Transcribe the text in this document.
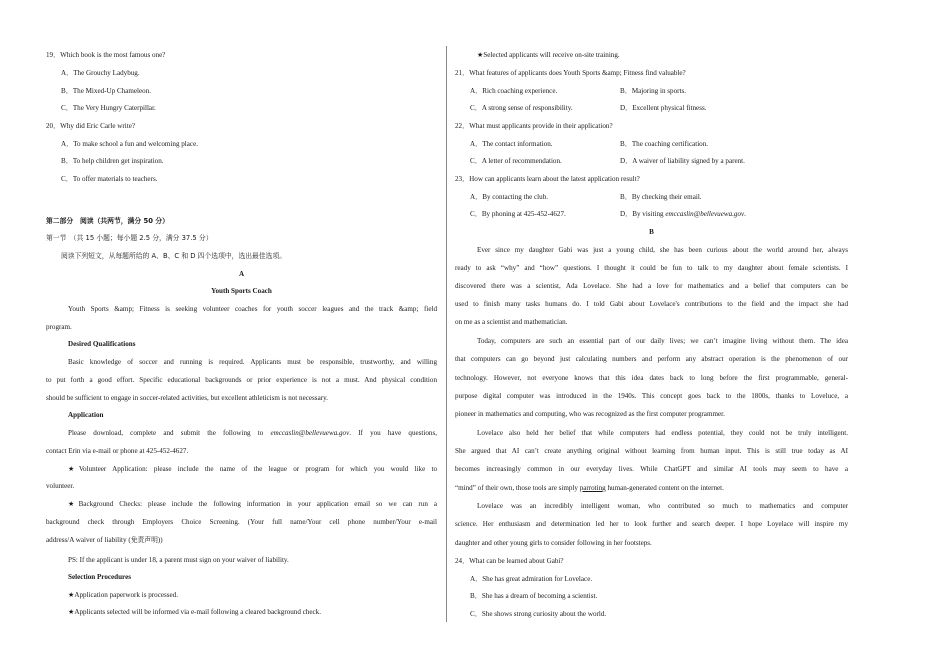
19．Which book is the most famous one?
A．The Grouchy Ladybug.
B．The Mixed-Up Chameleon.
C．The Very Hungry Caterpillar.
20．Why did Eric Carle write?
A．To make school a fun and welcoming place.
B．To help children get inspiration.
C．To offer materials to teachers.
第二部分　阅读（共两节，满分 50 分）
第一节　（共 15 小题；每小题 2.5 分，满分 37.5 分）
阅读下列短文，从每题所给的 A、B、C 和 D 四个选项中，选出最佳选项。
A
Youth Sports Coach
Youth Sports &amp; Fitness is seeking volunteer coaches for youth soccer leagues and the track &amp; field
program.
Desired Qualifications
Basic knowledge of soccer and running is required. Applicants must be responsible, trustworthy, and willing
to put forth a good effort. Specific educational backgrounds or prior experience is not a must. And physical condition
should be sufficient to engage in soccer-related activities, but excellent athleticism is not necessary.
Application
Please download, complete and submit the following to emccaslin@bellevuewa.gov. If you have questions,
contact Erin via e-mail or phone at 425-452-4627.
★Volunteer Application: please include the name of the league or program for which you would like to
volunteer.
★Background Checks: please include the following information in your application email so we can run a
background check through Employers Choice Screening. (Your full name/Your cell phone number/Your e-mail
address/A waiver of liability (免责声明))
PS: If the applicant is under 18, a parent must sign on your waiver of liability.
Selection Procedures
★Application paperwork is processed.
★Applicants selected will be informed via e-mail following a cleared background check.
★Selected applicants will receive on-site training.
21．What features of applicants does Youth Sports &amp; Fitness find valuable?
A．Rich coaching experience.	B．Majoring in sports.
C．A strong sense of responsibility.	D．Excellent physical fitness.
22．What must applicants provide in their application?
A．The contact information.	B．The coaching certification.
C．A letter of recommendation.	D．A waiver of liability signed by a parent.
23．How can applicants learn about the latest application result?
A．By contacting the club.	B．By checking their email.
C．By phoning at 425-452-4627.	D．By visiting emccaslin@bellevuewa.gov.
B
Ever since my daughter Gabi was just a young child, she has been curious about the world around her, always
ready to ask “why” and “how” questions. I thought it could be fun to talk to my daughter about female scientists. I
discovered there was a scientist, Ada Lovelace. She had a love for mathematics and a belief that computers can be
used to finish many tasks humans do. I told Gabi about Lovelace's contributions to the field and the impact she had
on me as a scientist and mathematician.
Today, computers are such an essential part of our daily lives; we can’t imagine living without them. The idea
that computers can go beyond just calculating numbers and perform any abstract operation is the phenomenon of our
technology. However, not everyone knows that this idea dates back to long before the first programmable, general-
purpose digital computer was introduced in the 1940s. This concept goes back to the 1800s, thanks to Loveluce, a
pioneer in mathematics and computing, who was recognized as the first computer programmer.
Lovelace also held her belief that while computers had endless potential, they could not be truly intelligent.
She argued that AI can’t create anything original without learning from human input. This is still true today as AI
becomes increasingly common in our everyday lives. While ChatGPT and similar AI tools may seem to have a
“mind” of their own, those tools are simply parroting human-generated content on the internet.
Lovelace was an incredibly intelligent woman, who contributed so much to mathematics and computer
science. Her enthusiasm and determination led her to look further and search deeper. I hope Loyelace will inspire my
daughter and other young girls to consider following in her footsteps.
24．What can be learned about Gabi?
A．She has great admiration for Lovelace.
B．She has a dream of becoming a scientist.
C．She shows strong curiosity about the world.
